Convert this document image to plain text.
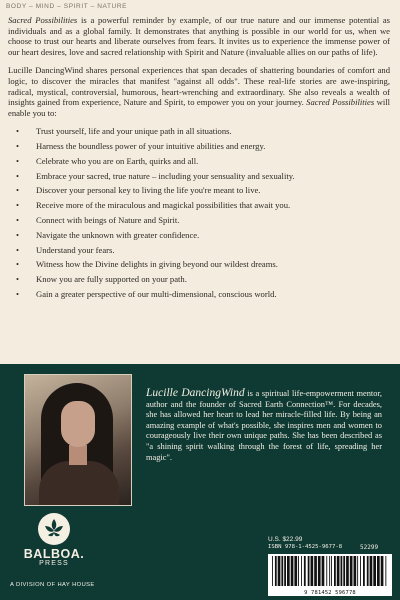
BODY – MIND – SPIRIT – NATURE

Sacred Possibilities is a powerful reminder by example, of our true nature and our immense potential as individuals and as a global family. It demonstrates that anything is possible in our world for us, when we choose to trust our hearts and liberate ourselves from fears. It invites us to experience the immense power of our heart desires, love and sacred relationship with Spirit and Nature (invaluable allies on our paths of life).

Lucille DancingWind shares personal experiences that span decades of shattering boundaries of comfort and logic, to discover the miracles that manifest "against all odds". These real-life stories are awe-inspiring, radical, mystical, controversial, humorous, heart-wrenching and extraordinary. She also reveals a wealth of insights gained from experience, Nature and Spirit, to empower you on your journey. Sacred Possibilities will enable you to:

• Trust yourself, life and your unique path in all situations.
• Harness the boundless power of your intuitive abilities and energy.
• Celebrate who you are on Earth, quirks and all.
• Embrace your sacred, true nature – including your sensuality and sexuality.
• Discover your personal key to living the life you're meant to live.
• Receive more of the miraculous and magickal possibilities that await you.
• Connect with beings of Nature and Spirit.
• Navigate the unknown with greater confidence.
• Understand your fears.
• Witness how the Divine delights in giving beyond our wildest dreams.
• Know you are fully supported on your path.
• Gain a greater perspective of our multi-dimensional, conscious world.
Lucille DancingWind is a spiritual life-empowerment mentor, author and the founder of Sacred Earth Connection™. For decades, she has allowed her heart to lead her miracle-filled life. By being an amazing example of what's possible, she inspires men and women to courageously live their own unique paths. She has been described as "a shining spirit walking through the forest of life, spreading her magic".
BALBOA.
PRESS
A DIVISION OF HAY HOUSE
U.S. $22.99
ISBN 978-1-4525-9677-8	52299
9 781452 596778
